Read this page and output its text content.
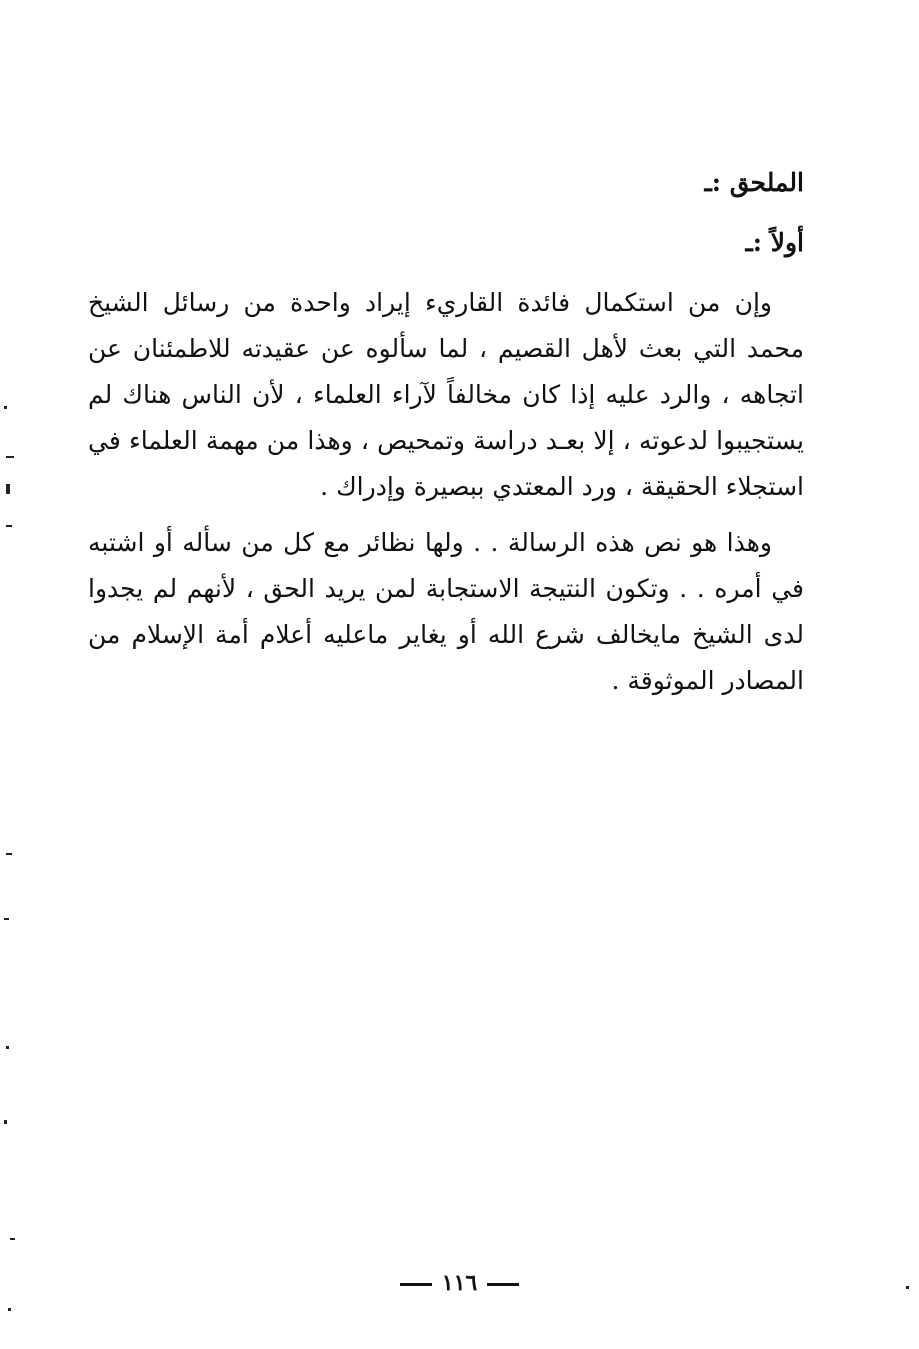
الملحق :ـ
أولاً :ـ
وإن من استكمال فائدة القاريء إيراد واحدة من رسائل الشيخ محمد التي بعث لأهل القصيم ، لما سألوه عن عقيدته للاطمئنان عن اتجاهه ، والرد عليه إذا كان مخالفاً لآراء العلماء ، لأن الناس هناك لم يستجيبوا لدعوته ، إلا بعـد دراسة وتمحيص ، وهذا من مهمة العلماء في استجلاء الحقيقة ، ورد المعتدي ببصيرة وإدراك .
وهذا هو نص هذه الرسالة . . ولها نظائر مع كل من سأله أو اشتبه في أمره . . وتكون النتيجة الاستجابة لمن يريد الحق ، لأنهم لم يجدوا لدى الشيخ مايخالف شرع الله أو يغاير ماعليه أعلام أمة الإسلام من المصادر الموثوقة .
١١٦
